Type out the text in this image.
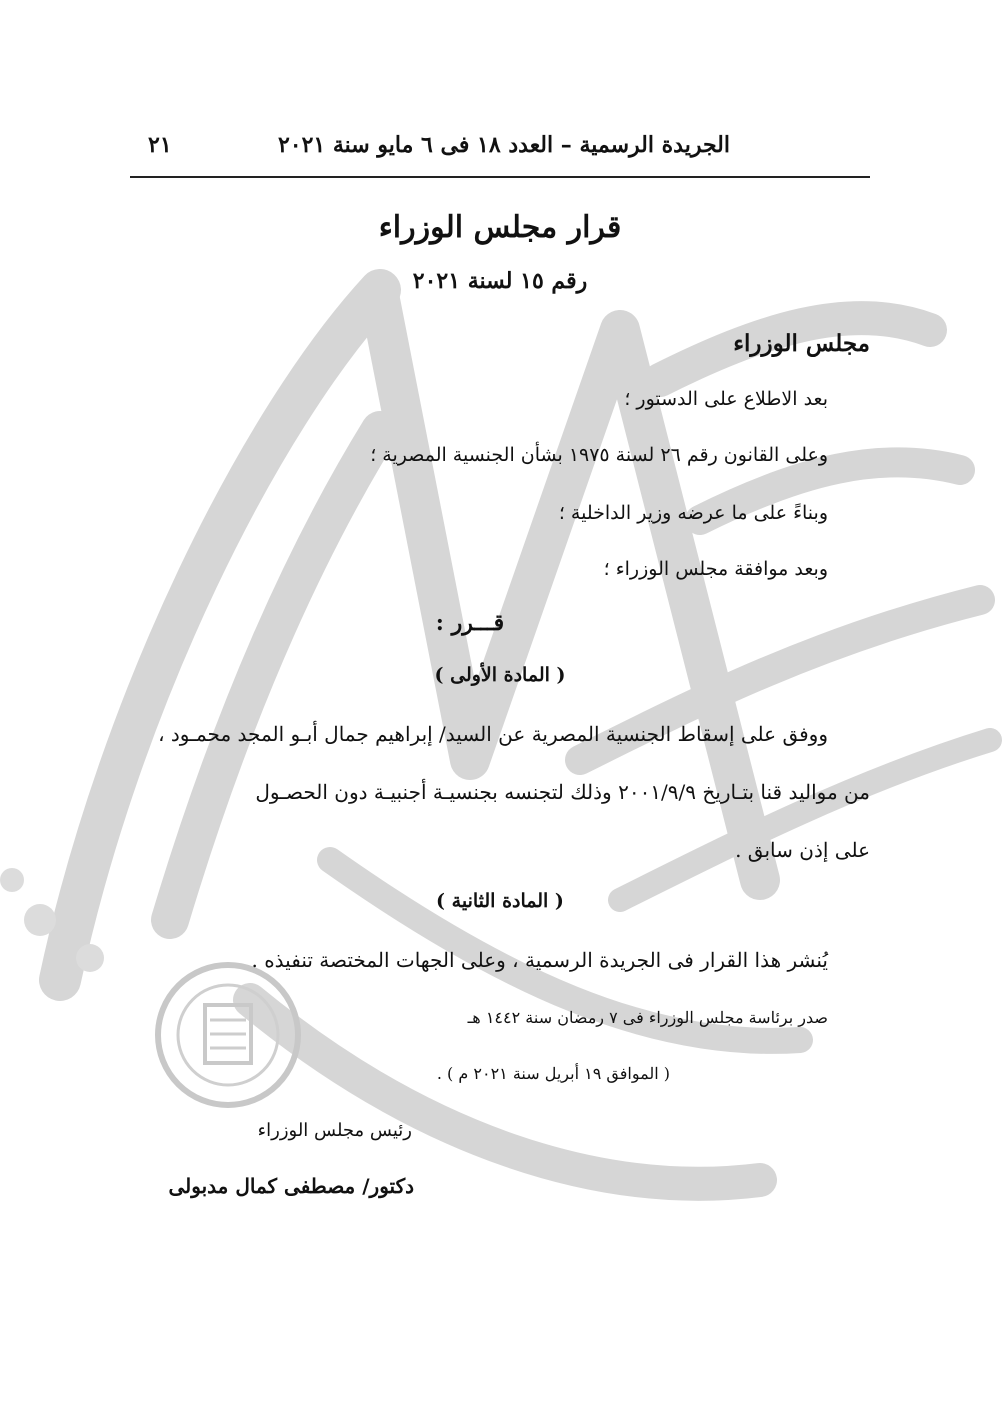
الجريدة الرسمية – العدد ١٨ فى ٦ مايو سنة ٢٠٢١
٢١
قرار مجلس الوزراء
رقم ١٥ لسنة ٢٠٢١
مجلس الوزراء
بعد الاطلاع على الدستور ؛
وعلى القانون رقم ٢٦ لسنة ١٩٧٥ بشأن الجنسية المصرية ؛
وبناءً على ما عرضه وزير الداخلية ؛
وبعد موافقة مجلس الوزراء ؛
قـــرر :
( المادة الأولى )
ووفق على إسقاط الجنسية المصرية عن السيد/ إبراهيم جمال أبـو المجد محمـود ،
من مواليد قنا بتـاريخ ٢٠٠١/٩/٩ وذلك لتجنسه بجنسيـة أجنبيـة دون الحصـول
على إذن سابق .
( المادة الثانية )
يُنشر هذا القرار فى الجريدة الرسمية ، وعلى الجهات المختصة تنفيذه .
صدر برئاسة مجلس الوزراء فى ٧ رمضان سنة ١٤٤٢ هـ
( الموافق ١٩ أبريل سنة ٢٠٢١ م ) .
رئيس مجلس الوزراء
دكتور/ مصطفى كمال مدبولى
